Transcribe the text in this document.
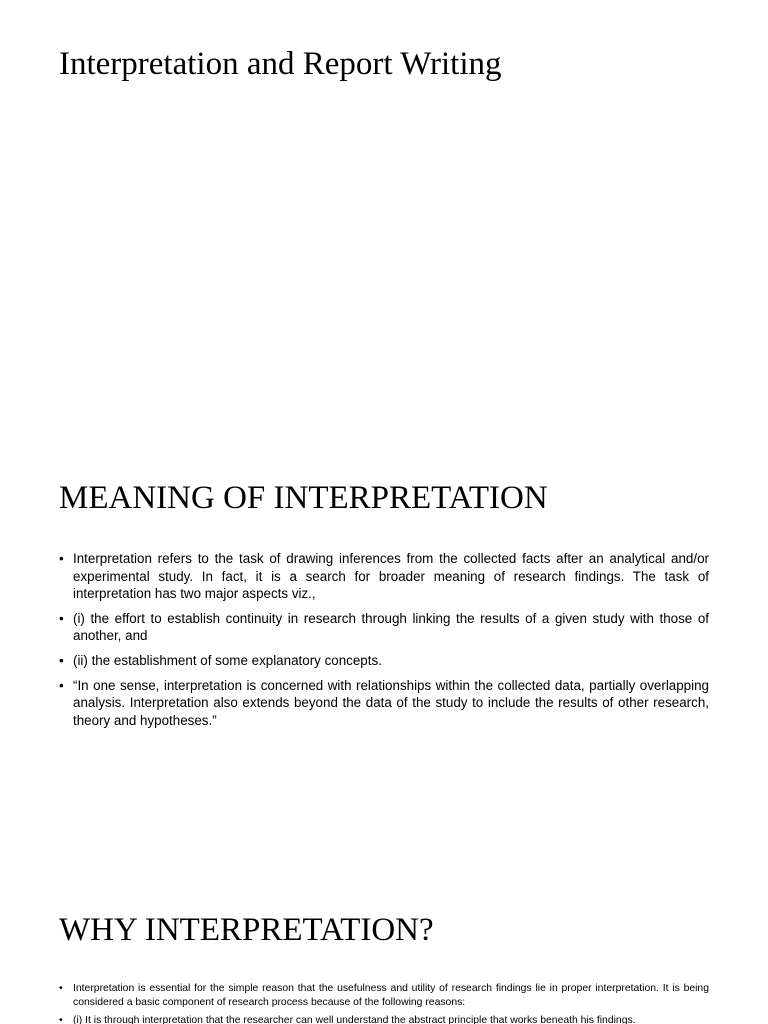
Interpretation and Report Writing
MEANING OF INTERPRETATION
• Interpretation refers to the task of drawing inferences from the collected facts after an analytical and/or experimental study. In fact, it is a search for broader meaning of research findings. The task of interpretation has two major aspects viz.,
• (i) the effort to establish continuity in research through linking the results of a given study with those of another, and
• (ii) the establishment of some explanatory concepts.
• “In one sense, interpretation is concerned with relationships within the collected data, partially overlapping analysis. Interpretation also extends beyond the data of the study to include the results of other research, theory and hypotheses.”
WHY INTERPRETATION?
• Interpretation is essential for the simple reason that the usefulness and utility of research findings lie in proper interpretation. It is being considered a basic component of research process because of the following reasons:
• (i) It is through interpretation that the researcher can well understand the abstract principle that works beneath his findings.
